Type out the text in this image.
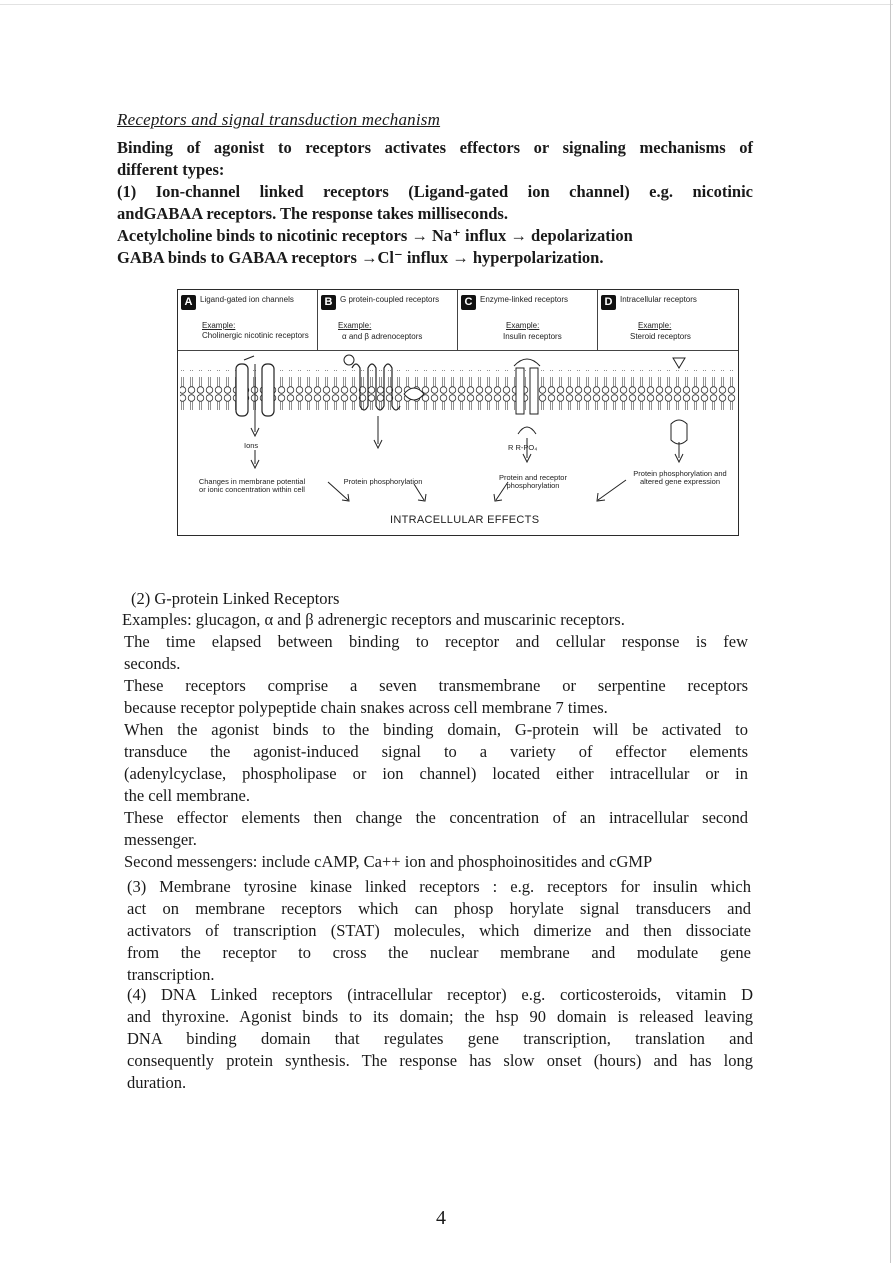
Receptors and signal transduction mechanism
Binding of agonist to receptors activates effectors or signaling mechanisms of
different types:
(1) Ion-channel linked receptors (Ligand-gated ion channel) e.g. nicotinic
andGABAA receptors. The response takes milliseconds.
Acetylcholine binds to nicotinic receptors → Na⁺ influx → depolarization
GABA binds to GABAA receptors →Cl⁻ influx → hyperpolarization.
A Ligand-gated ion channels
Example:
Cholinergic nicotinic receptors
B G protein-coupled receptors
Example:
α and β adrenoceptors
C Enzyme-linked receptors
Example:
Insulin receptors
D Intracellular receptors
Example:
Steroid receptors
Ions	R R-PO₄
Changes in membrane potential or ionic concentration within cell
Protein phosphorylation	Protein and receptor phosphorylation
Protein phosphorylation and altered gene expression
INTRACELLULAR EFFECTS
(2) G-protein Linked Receptors
Examples: glucagon, α and β adrenergic receptors and muscarinic receptors.
The time elapsed between binding to receptor and cellular response is few
seconds.
These receptors comprise a seven transmembrane or serpentine receptors
because receptor polypeptide chain snakes across cell membrane 7 times.
When the agonist binds to the binding domain, G-protein will be activated to
transduce the agonist-induced signal to a variety of effector elements
(adenylcyclase, phospholipase or ion channel) located either intracellular or in
the cell membrane.
These effector elements then change the concentration of an intracellular second
messenger.
Second messengers: include cAMP, Ca++ ion and phosphoinositides and cGMP
(3) Membrane tyrosine kinase linked receptors : e.g. receptors for insulin which
act on membrane receptors which can phosp horylate signal transducers and
activators of transcription (STAT) molecules, which dimerize and then dissociate
from the receptor to cross the nuclear membrane and modulate gene
transcription.
(4) DNA Linked receptors (intracellular receptor) e.g. corticosteroids, vitamin D
and thyroxine. Agonist binds to its domain; the hsp 90 domain is released leaving
DNA binding domain that regulates gene transcription, translation and
consequently protein synthesis. The response has slow onset (hours) and has long
duration.
4
